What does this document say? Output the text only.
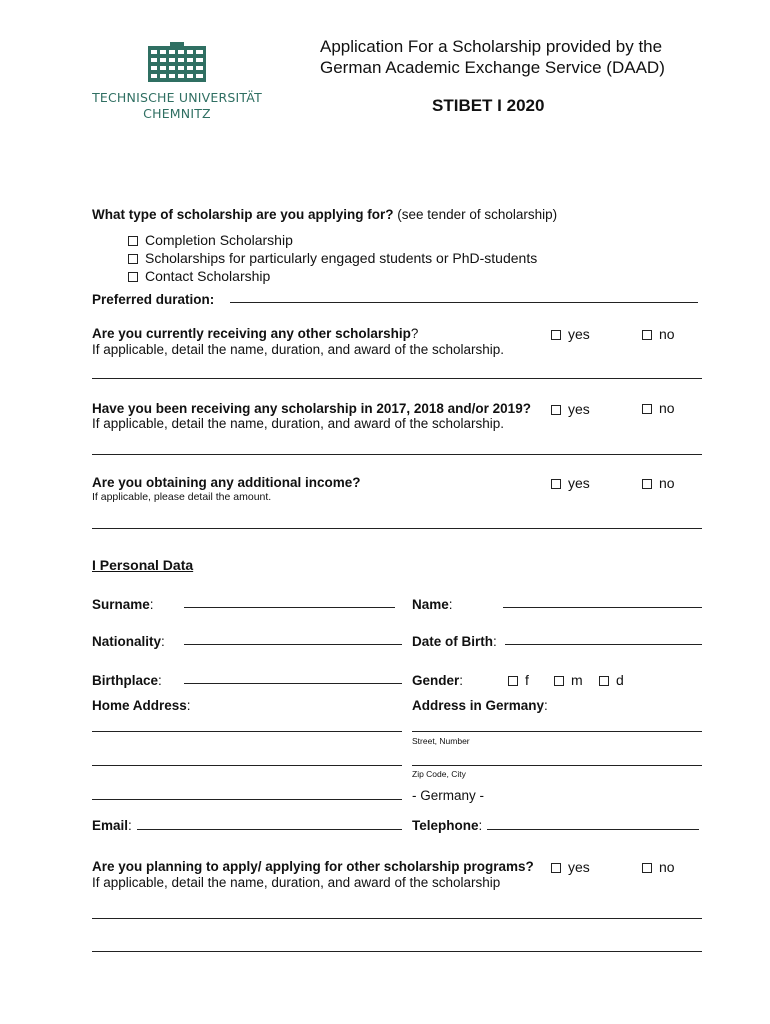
TECHNISCHE UNIVERSITÄT
CHEMNITZ
Application For a Scholarship provided by the
German Academic Exchange Service (DAAD)
STIBET I 2020
What type of scholarship are you applying for? (see tender of scholarship)
Completion Scholarship
Scholarships for particularly engaged students or PhD-students
Contact Scholarship
Preferred duration:
Are you currently receiving any other scholarship?
If applicable, detail the name, duration, and award of the scholarship.
yes	no
Have you been receiving any scholarship in 2017, 2018 and/or 2019?
If applicable, detail the name, duration, and award of the scholarship.
yes	no
Are you obtaining any additional income?
If applicable, please detail the amount.
yes	no
I Personal Data
Surname:	Name:
Nationality:	Date of Birth:
Birthplace:	Gender:	f	m	d
Home Address:	Address in Germany:
Street, Number
Zip Code, City
- Germany -
Email:	Telephone:
Are you planning to apply/ applying for other scholarship programs?
If applicable, detail the name, duration, and award of the scholarship
yes	no
